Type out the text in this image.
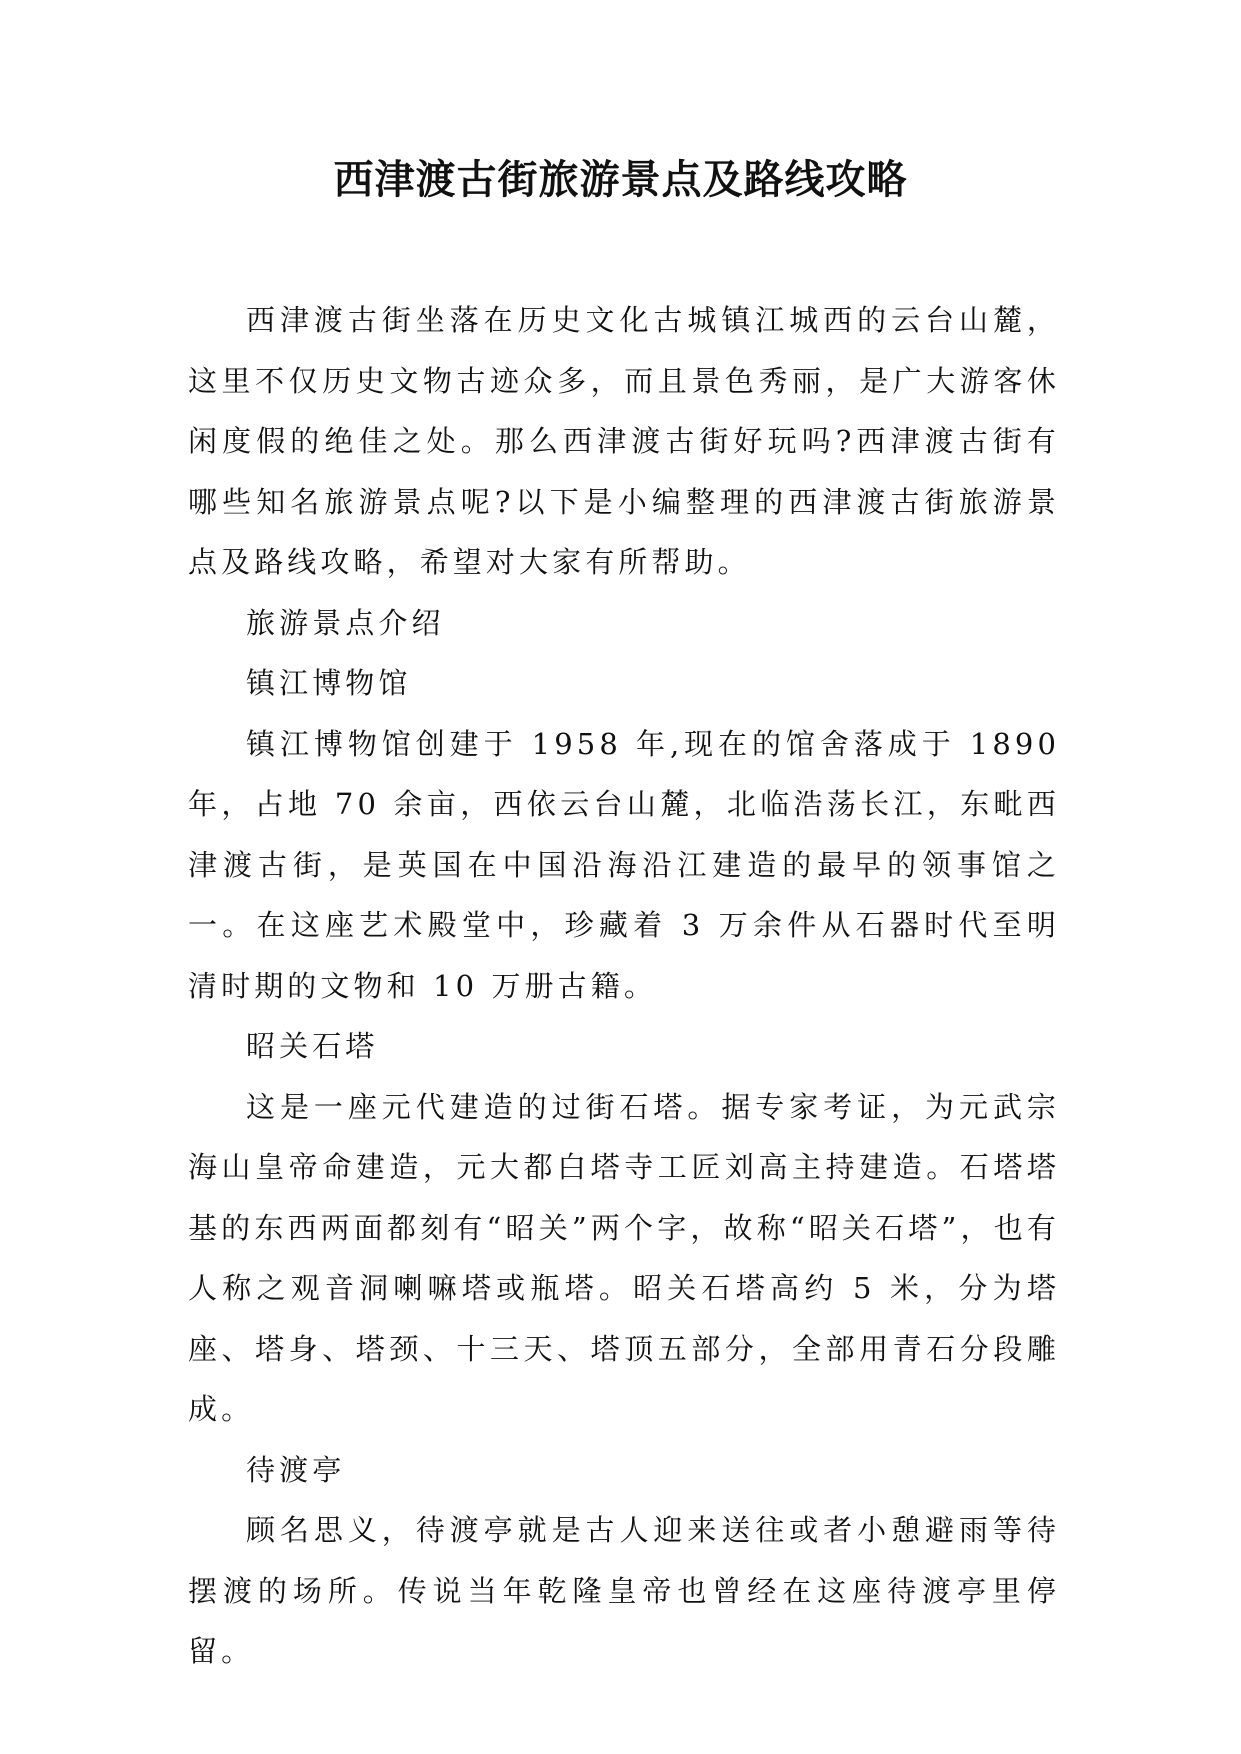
西津渡古街旅游景点及路线攻略

西津渡古街坐落在历史文化古城镇江城西的云台山麓，这里不仅历史文物古迹众多，而且景色秀丽，是广大游客休闲度假的绝佳之处。那么西津渡古街好玩吗?西津渡古街有哪些知名旅游景点呢?以下是小编整理的西津渡古街旅游景点及路线攻略，希望对大家有所帮助。

旅游景点介绍

镇江博物馆

镇江博物馆创建于 1958 年,现在的馆舍落成于 1890 年，占地 70 余亩，西依云台山麓，北临浩荡长江，东毗西津渡古街，是英国在中国沿海沿江建造的最早的领事馆之一。在这座艺术殿堂中，珍藏着 3 万余件从石器时代至明清时期的文物和 10 万册古籍。

昭关石塔

这是一座元代建造的过街石塔。据专家考证，为元武宗海山皇帝命建造，元大都白塔寺工匠刘高主持建造。石塔塔基的东西两面都刻有“昭关”两个字，故称“昭关石塔”，也有人称之观音洞喇嘛塔或瓶塔。昭关石塔高约 5 米，分为塔座、塔身、塔颈、十三天、塔顶五部分，全部用青石分段雕成。

待渡亭

顾名思义，待渡亭就是古人迎来送往或者小憩避雨等待摆渡的场所。传说当年乾隆皇帝也曾经在这座待渡亭里停留。
